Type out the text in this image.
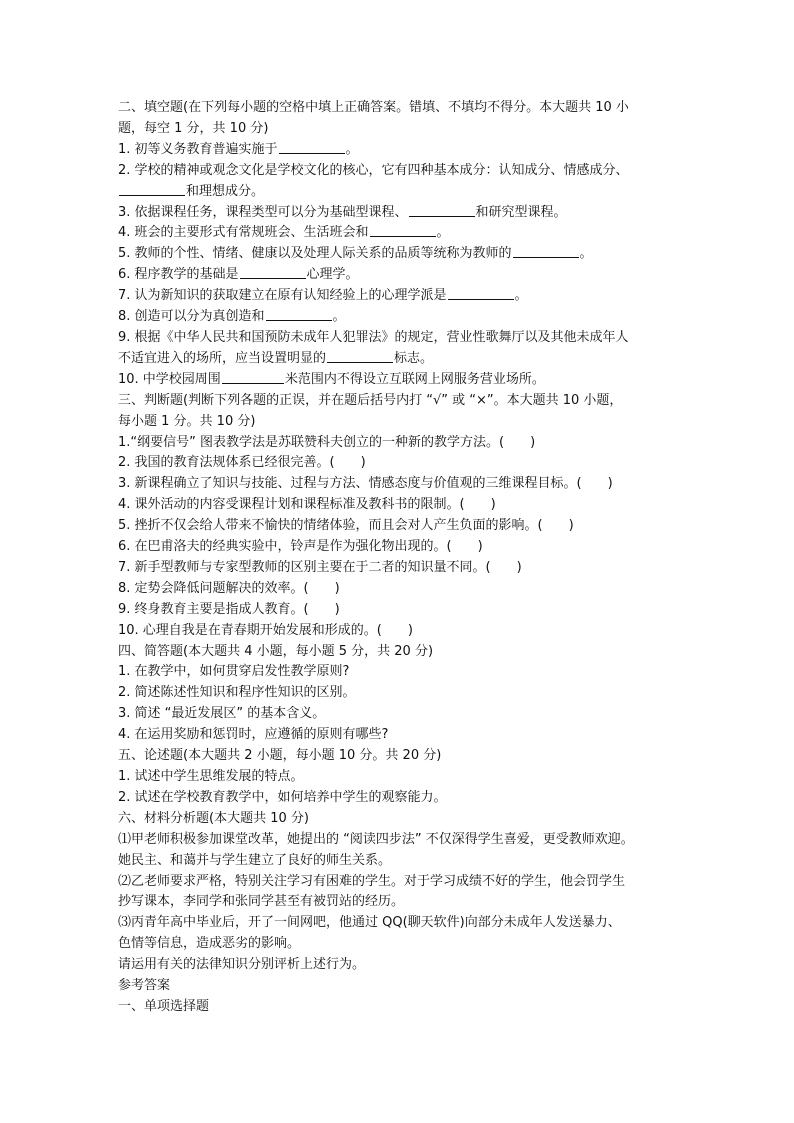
二、填空题(在下列每小题的空格中填上正确答案。错填、不填均不得分。本大题共 10 小
题，每空 1 分，共 10 分)
1. 初等义务教育普遍实施于	。
2. 学校的精神或观念文化是学校文化的核心，它有四种基本成分：认知成分、情感成分、
和理想成分。
3. 依据课程任务，课程类型可以分为基础型课程、	和研究型课程。
4. 班会的主要形式有常规班会、生活班会和	。
5. 教师的个性、情绪、健康以及处理人际关系的品质等统称为教师的	。
6. 程序教学的基础是	心理学。
7. 认为新知识的获取建立在原有认知经验上的心理学派是	。
8. 创造可以分为真创造和	。
9. 根据《中华人民共和国预防未成年人犯罪法》的规定，营业性歌舞厅以及其他未成年人
不适宜进入的场所，应当设置明显的	标志。
10. 中学校园周围	米范围内不得设立互联网上网服务营业场所。
三、判断题(判断下列各题的正误，并在题后括号内打 “√” 或 “×”。本大题共 10 小题，
每小题 1 分。共 10 分)
1.“纲要信号” 图表教学法是苏联赞科夫创立的一种新的教学方法。(　　)
2. 我国的教育法规体系已经很完善。(　　)
3. 新课程确立了知识与技能、过程与方法、情感态度与价值观的三维课程目标。(　　)
4. 课外活动的内容受课程计划和课程标准及教科书的限制。(　　)
5. 挫折不仅会给人带来不愉快的情绪体验，而且会对人产生负面的影响。(　　)
6. 在巴甫洛夫的经典实验中，铃声是作为强化物出现的。(　　)
7. 新手型教师与专家型教师的区别主要在于二者的知识量不同。(　　)
8. 定势会降低问题解决的效率。(　　)
9. 终身教育主要是指成人教育。(　　)
10. 心理自我是在青春期开始发展和形成的。(　　)
四、简答题(本大题共 4 小题，每小题 5 分，共 20 分)
1. 在教学中，如何贯穿启发性教学原则?
2. 简述陈述性知识和程序性知识的区别。
3. 简述 “最近发展区” 的基本含义。
4. 在运用奖励和惩罚时，应遵循的原则有哪些?
五、论述题(本大题共 2 小题，每小题 10 分。共 20 分)
1. 试述中学生思维发展的特点。
2. 试述在学校教育教学中，如何培养中学生的观察能力。
六、材料分析题(本大题共 10 分)
⑴甲老师积极参加课堂改革，她提出的 “阅读四步法” 不仅深得学生喜爱，更受教师欢迎。
她民主、和蔼并与学生建立了良好的师生关系。
⑵乙老师要求严格，特别关注学习有困难的学生。对于学习成绩不好的学生，他会罚学生
抄写课本，李同学和张同学甚至有被罚站的经历。
⑶丙青年高中毕业后，开了一间网吧，他通过 QQ(聊天软件)向部分未成年人发送暴力、
色情等信息，造成恶劣的影响。
请运用有关的法律知识分别评析上述行为。
参考答案
一、单项选择题
